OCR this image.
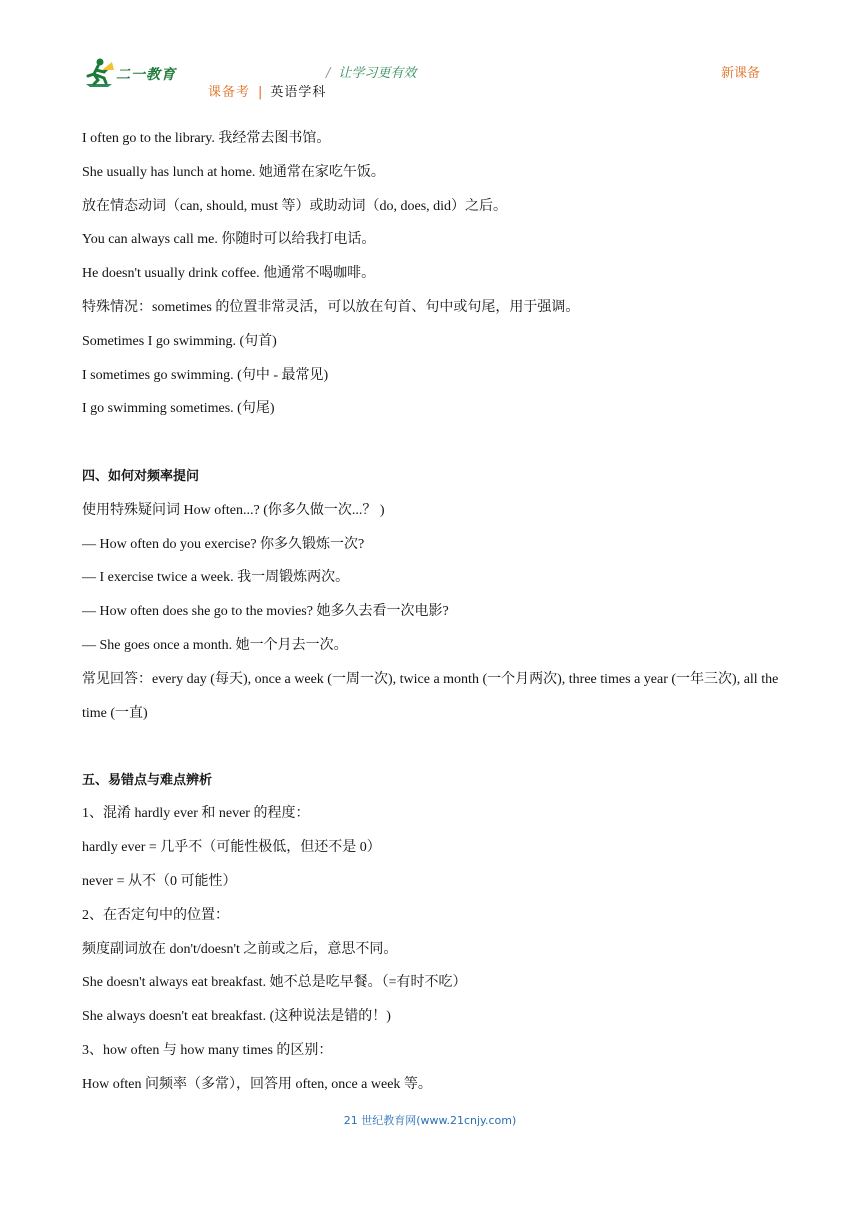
二一教育	/ 让学习更有效	新课备
课备考 | 英语学科
I often go to the library. 我经常去图书馆。
She usually has lunch at home. 她通常在家吃午饭。
放在情态动词（can, should, must 等）或助动词（do, does, did）之后。
You can always call me. 你随时可以给我打电话。
He doesn't usually drink coffee. 他通常不喝咖啡。
特殊情况：sometimes 的位置非常灵活，可以放在句首、句中或句尾，用于强调。
Sometimes I go swimming. (句首)
I sometimes go swimming. (句中 - 最常见)
I go swimming sometimes. (句尾)
四、如何对频率提问
使用特殊疑问词 How often...? (你多久做一次...？ )
— How often do you exercise? 你多久锻炼一次?
— I exercise twice a week. 我一周锻炼两次。
— How often does she go to the movies? 她多久去看一次电影?
— She goes once a month. 她一个月去一次。
常见回答：every day (每天), once a week (一周一次), twice a month (一个月两次), three times a year (一年三次), all the time (一直)
五、易错点与难点辨析
1、混淆 hardly ever 和 never 的程度：
hardly ever = 几乎不（可能性极低，但还不是 0）
never = 从不（0 可能性）
2、在否定句中的位置：
频度副词放在 don't/doesn't 之前或之后，意思不同。
She doesn't always eat breakfast. 她不总是吃早餐。（=有时不吃）
She always doesn't eat breakfast. (这种说法是错的！)
3、how often 与 how many times 的区别：
How often 问频率（多常），回答用 often, once a week 等。
21 世纪教育网(www.21cnjy.com)
